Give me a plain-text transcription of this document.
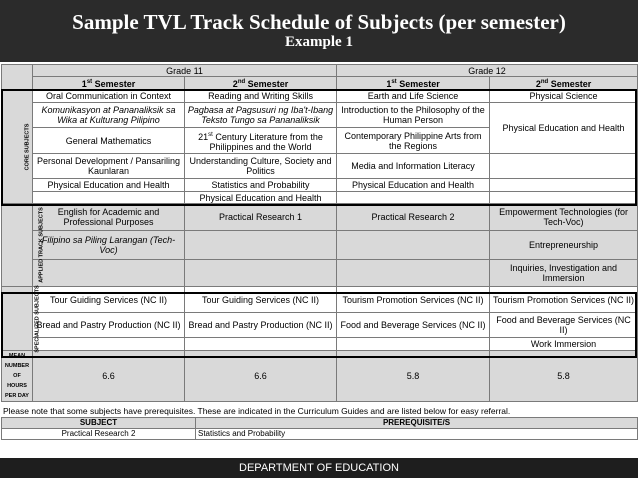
Sample TVL Track Schedule of Subjects (per semester)
Example 1
	Grade 11		Grade 12	
	1st Semester	2nd Semester	1st Semester	2nd Semester
CORE SUBJECTS	Oral Communication in Context	Reading and Writing Skills	Earth and Life Science	Physical Science
	Komunikasyon at Pananaliksik sa Wika at Kulturang Pilipino	Pagbasa at Pagsusuri ng Iba't-Ibang Teksto Tungo sa Pananaliksik	Introduction to the Philosophy of the Human Person	Physical Education and Health
	General Mathematics	21st Century Literature from the Philippines and the World	Contemporary Philippine Arts from the Regions	
	Personal Development / Pansariling Kaunlaran	Understanding Culture, Society and Politics	Media and Information Literacy	
	Physical Education and Health	Statistics and Probability	Physical Education and Health	
		Physical Education and Health		
APPLIED TRACK SUBJECTS	English for Academic and Professional Purposes	Practical Research 1	Practical Research 2	Empowerment Technologies (for Tech-Voc)
	Filipino sa Piling Larangan (Tech-Voc)			Entrepreneurship
				Inquiries, Investigation and Immersion
SPECIALIZED SUBJECTS	Tour Guiding Services (NC II)	Tour Guiding Services (NC II)	Tourism Promotion Services (NC II)	Tourism Promotion Services (NC II)
	Bread and Pastry Production (NC II)	Bread and Pastry Production (NC II)	Food and Beverage Services (NC II)	Food and Beverage Services (NC II)
				Work Immersion
MEAN NUMBER OF HOURS PER DAY	6.6	6.6	5.8	5.8
Please note that some subjects have prerequisites. These are indicated in the Curriculum Guides and are listed below for easy referral.
SUBJECT	PREREQUISITE/S
Practical Research 2	Statistics and Probability
DEPARTMENT OF EDUCATION
